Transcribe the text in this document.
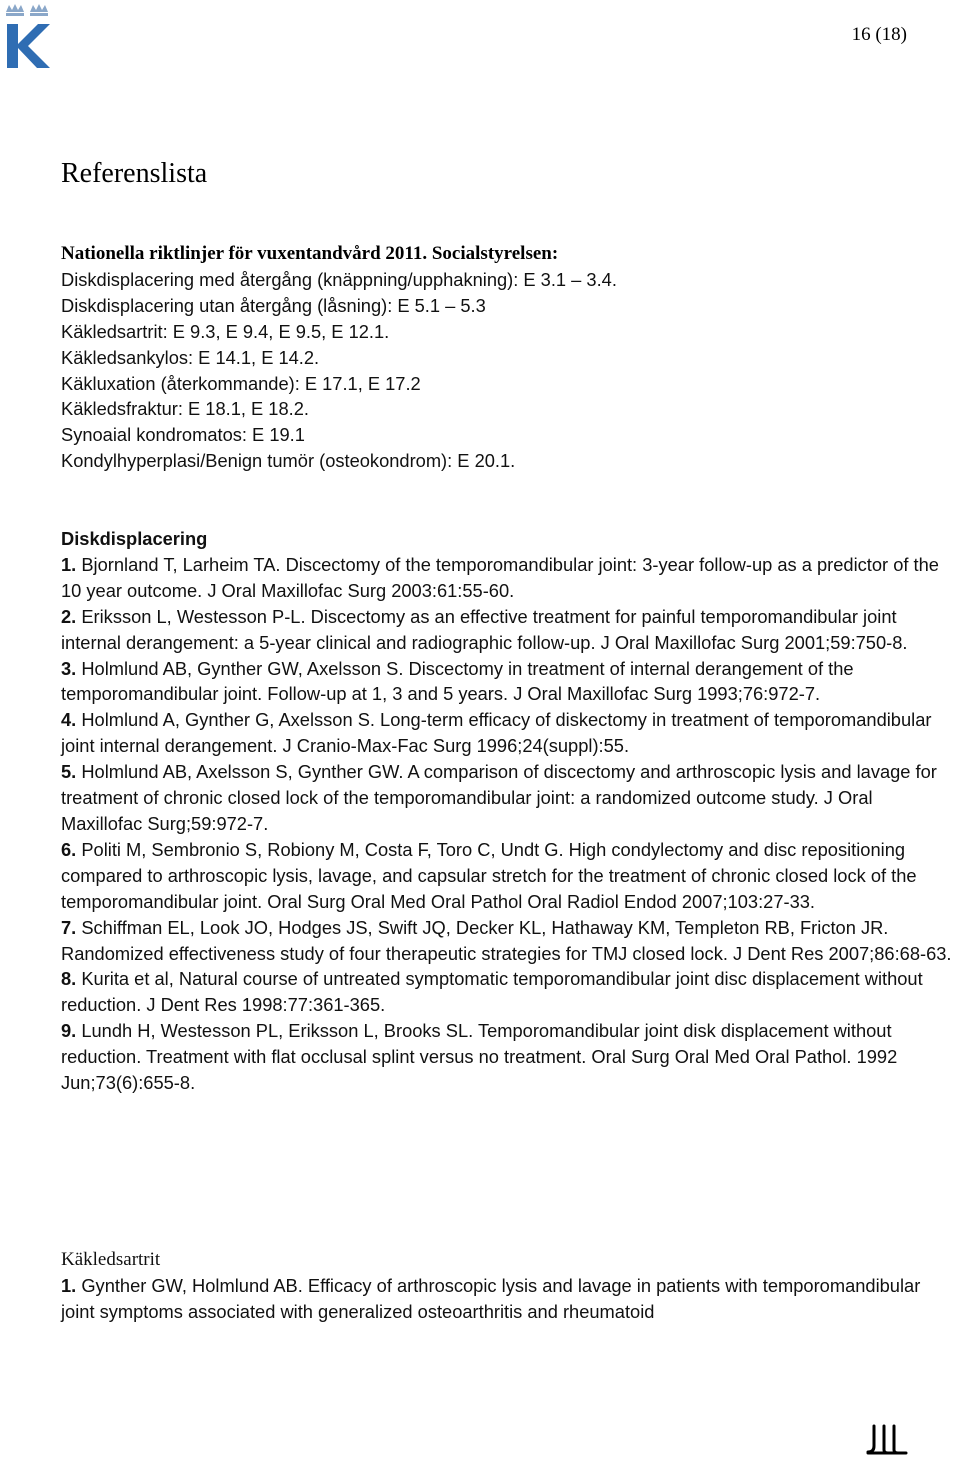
16 (18)
Referenslista

Nationella riktlinjer för vuxentandvård 2011. Socialstyrelsen:

Diskdisplacering med återgång (knäppning/upphakning): E 3.1 – 3.4.

Diskdisplacering utan återgång (låsning): E 5.1 – 5.3

Käkledsartrit: E 9.3, E 9.4, E 9.5, E 12.1.

Käkledsankylos: E 14.1, E 14.2.

Käkluxation (återkommande): E 17.1, E 17.2

Käkledsfraktur: E 18.1, E 18.2.

Synoaial kondromatos: E 19.1

Kondylhyperplasi/Benign tumör (osteokondrom): E 20.1.

Diskdisplacering

1. Bjornland T, Larheim TA. Discectomy of the temporomandibular joint: 3-year follow-up as a predictor of the 10 year outcome. J Oral Maxillofac Surg 2003:61:55-60.

2. Eriksson L, Westesson P-L. Discectomy as an effective treatment for painful temporomandibular joint internal derangement: a 5-year clinical and radiographic follow-up. J Oral Maxillofac Surg 2001;59:750-8.

3. Holmlund AB, Gynther GW, Axelsson S. Discectomy in treatment of internal derangement of the temporomandibular joint. Follow-up at 1, 3 and 5 years. J Oral Maxillofac Surg 1993;76:972-7.

4. Holmlund A, Gynther G, Axelsson S. Long-term efficacy of diskectomy in treatment of temporomandibular joint internal derangement. J Cranio-Max-Fac Surg 1996;24(suppl):55.

5. Holmlund AB, Axelsson S, Gynther GW. A comparison of discectomy and arthroscopic lysis and lavage for treatment of chronic closed lock of the temporomandibular joint: a randomized outcome study. J Oral Maxillofac Surg;59:972-7.

6. Politi M, Sembronio S, Robiony M, Costa F, Toro C, Undt G. High condylectomy and disc repositioning compared to arthroscopic lysis, lavage, and capsular stretch for the treatment of chronic closed lock of the temporomandibular joint. Oral Surg Oral Med Oral Pathol Oral Radiol Endod 2007;103:27-33.

7. Schiffman EL, Look JO, Hodges JS, Swift JQ, Decker KL, Hathaway KM, Templeton RB, Fricton JR. Randomized effectiveness study of four therapeutic strategies for TMJ closed lock. J Dent Res 2007;86:68-63.

8. Kurita et al, Natural course of untreated symptomatic temporomandibular joint disc displacement without reduction. J Dent Res 1998:77:361-365.

9. Lundh H, Westesson PL, Eriksson L, Brooks SL. Temporomandibular joint disk displacement without reduction. Treatment with flat occlusal splint versus no treatment. Oral Surg Oral Med Oral Pathol. 1992 Jun;73(6):655-8.

Käkledsartrit

1. Gynther GW, Holmlund AB. Efficacy of arthroscopic lysis and lavage in patients with temporomandibular joint symptoms associated with generalized osteoarthritis and rheumatoid
